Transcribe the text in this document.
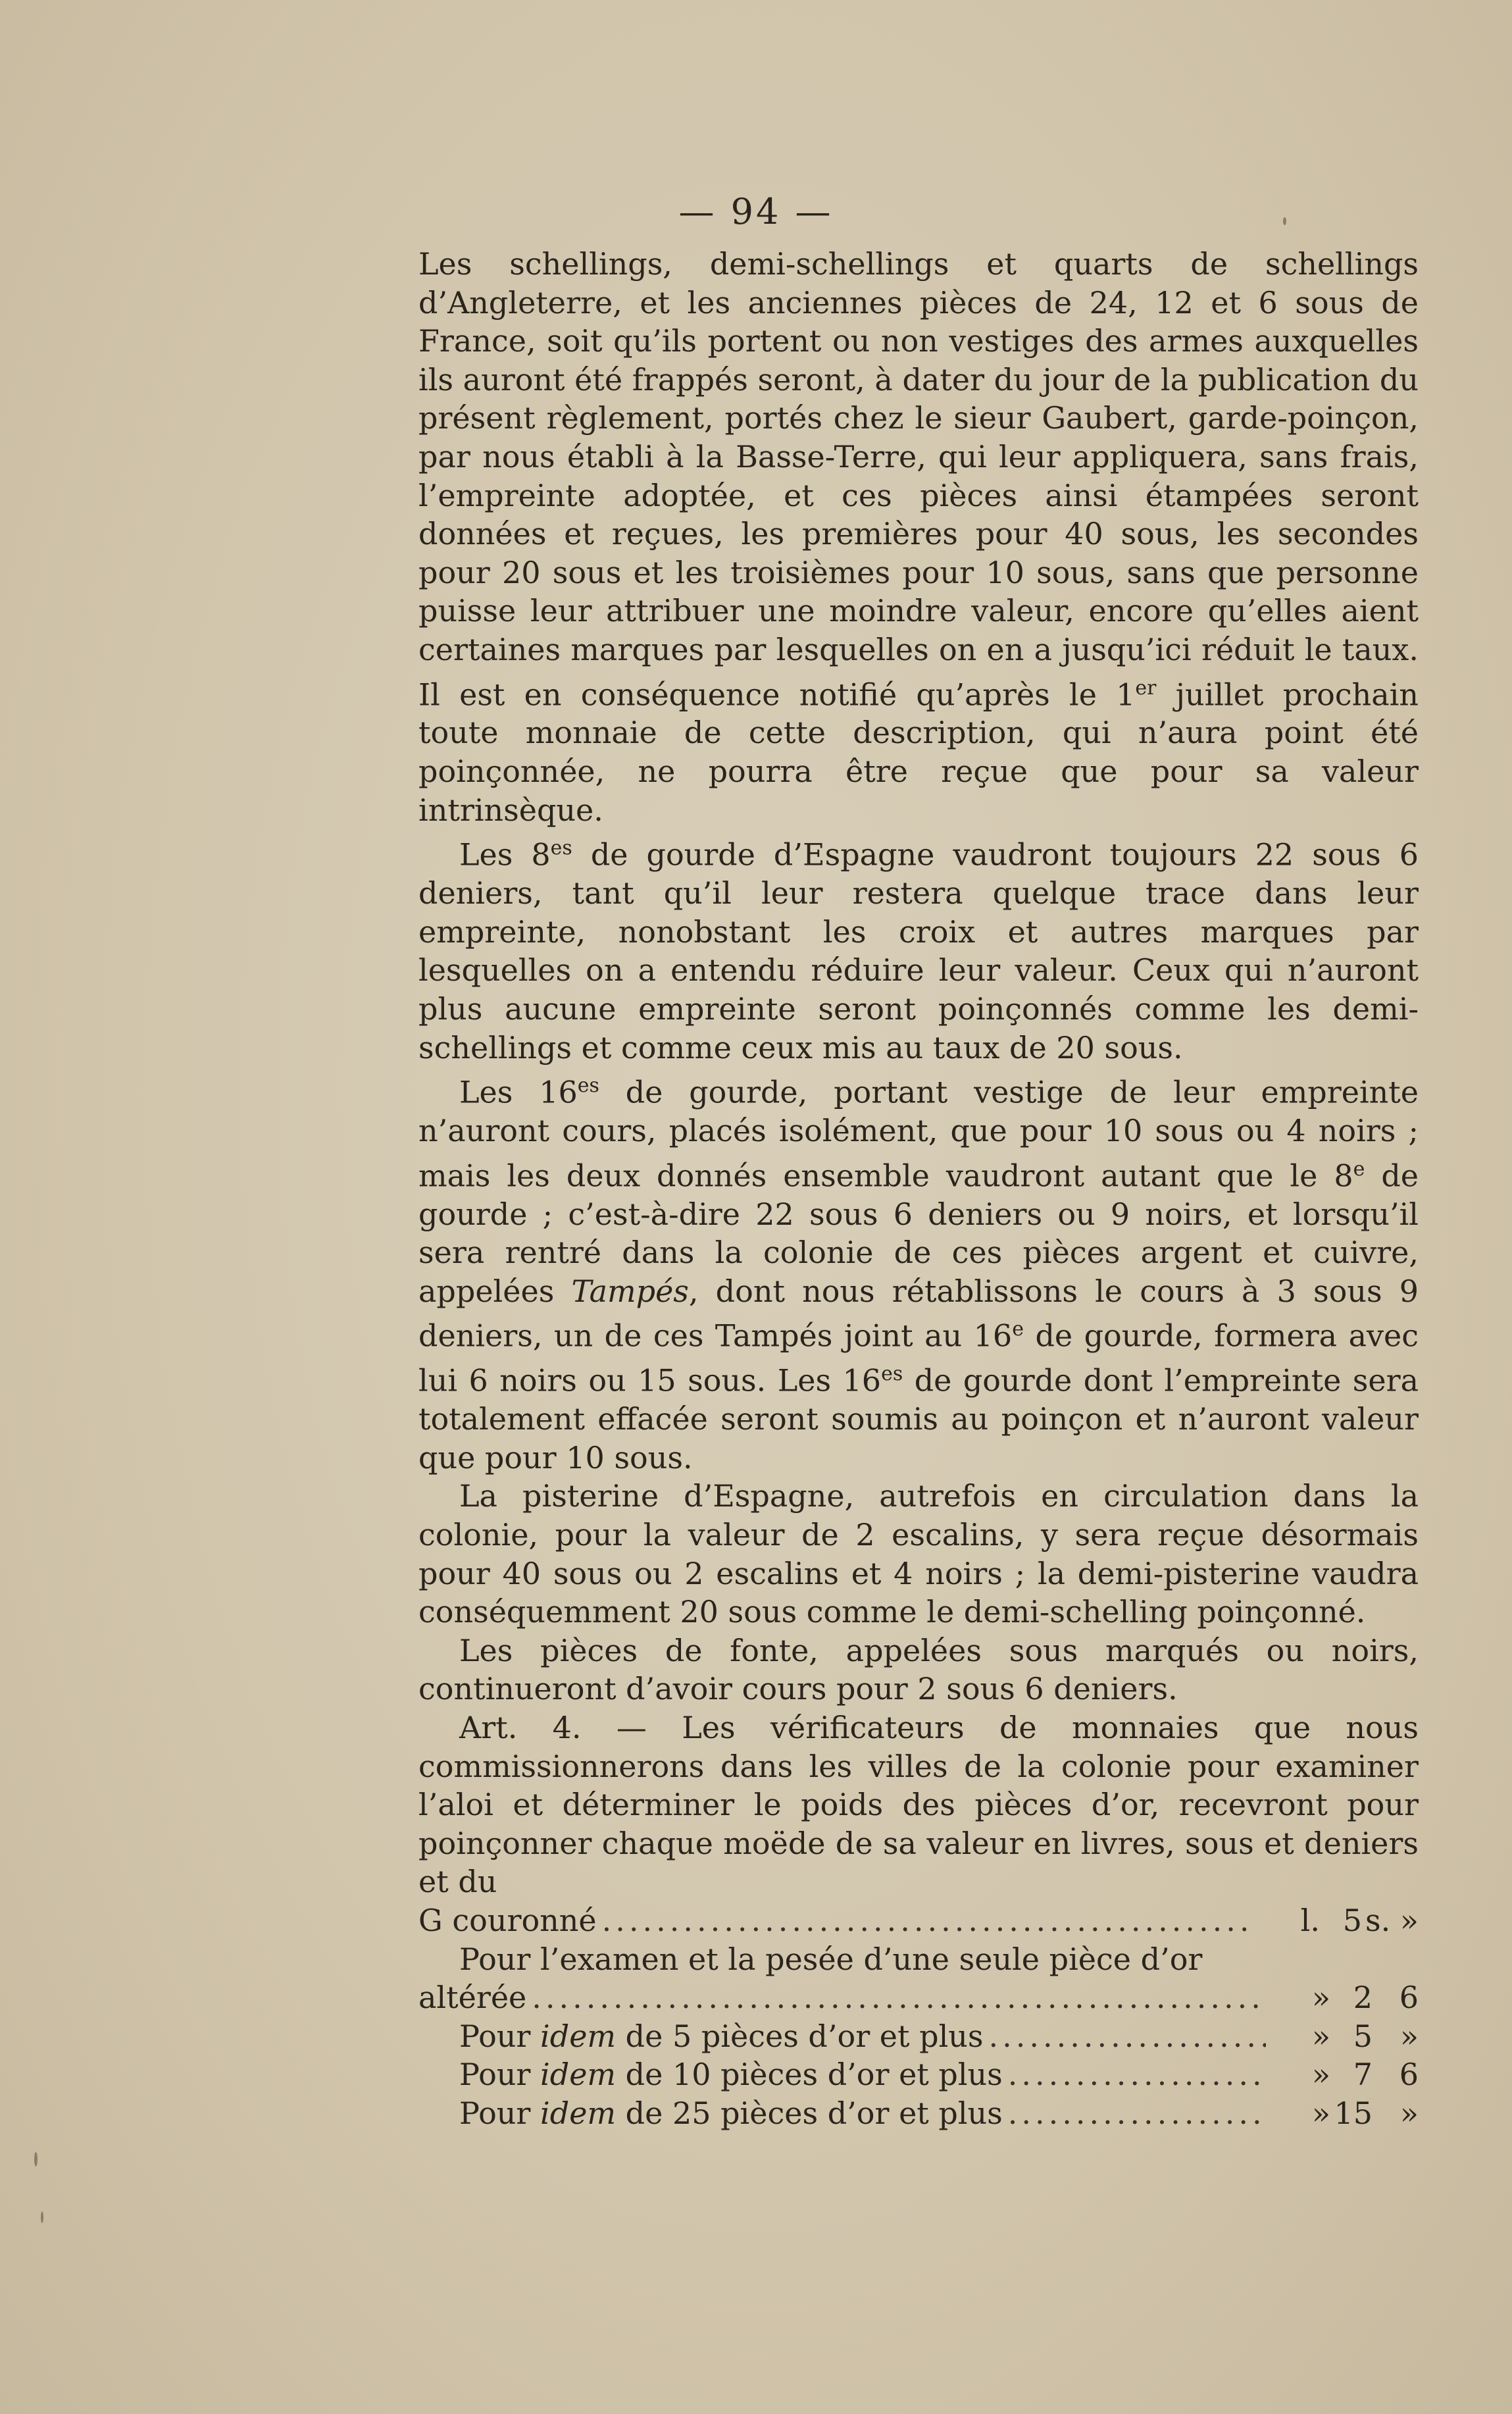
— 94 —

Les schellings, demi-schellings et quarts de schellings d’Angleterre, et les anciennes pièces de 24, 12 et 6 sous de France, soit qu’ils portent ou non vestiges des armes auxquelles ils auront été frappés seront, à dater du jour de la publication du présent règlement, portés chez le sieur Gaubert, garde-poinçon, par nous établi à la Basse-Terre, qui leur appliquera, sans frais, l’empreinte adoptée, et ces pièces ainsi étampées seront données et reçues, les premières pour 40 sous, les secondes pour 20 sous et les troisièmes pour 10 sous, sans que personne puisse leur attribuer une moindre valeur, encore qu’elles aient certaines marques par lesquelles on en a jusqu’ici réduit le taux. Il est en conséquence notifié qu’après le 1er juillet prochain toute monnaie de cette description, qui n’aura point été poinçonnée, ne pourra être reçue que pour sa valeur intrinsèque.

Les $8^{es}$ de gourde d’Espagne vaudront toujours 22 sous 6 deniers, tant qu’il leur restera quelque trace dans leur empreinte, nonobstant les croix et autres marques par lesquelles on a entendu réduire leur valeur. Ceux qui n’auront plus aucune empreinte seront poinçonnés comme les demi-schellings et comme ceux mis au taux de 20 sous.

Les $16^{es}$ de gourde, portant vestige de leur empreinte n’auront cours, placés isolément, que pour 10 sous ou 4 noirs ; mais les deux donnés ensemble vaudront autant que le 8e de gourde ; c’est-à-dire 22 sous 6 deniers ou 9 noirs, et lorsqu’il sera rentré dans la colonie de ces pièces argent et cuivre, appelées Tampés, dont nous rétablissons le cours à 3 sous 9 deniers, un de ces Tampés joint au 16e de gourde, formera avec lui 6 noirs ou 15 sous. Les $16^{es}$ de gourde dont l’empreinte sera totalement effacée seront soumis au poinçon et n’auront valeur que pour 10 sous.

La pisterine d’Espagne, autrefois en circulation dans la colonie, pour la valeur de 2 escalins, y sera reçue désormais pour 40 sous ou 2 escalins et 4 noirs ; la demi-pisterine vaudra conséquemment 20 sous comme le demi-schelling poinçonné.

Les pièces de fonte, appelées sous marqués ou noirs, continueront d’avoir cours pour 2 sous 6 deniers.

Art. 4. — Les vérificateurs de monnaies que nous commissionnerons dans les villes de la colonie pour examiner l’aloi et déterminer le poids des pièces d’or, recevront pour poinçonner chaque moëde de sa valeur en livres, sous et deniers et du

G couronné .....	l. 5 s. »
Pour l’examen et la pesée d’une seule pièce d’or
altérée .....	» 2 6
Pour idem de 5 pièces d’or et plus .....	» 5 »
Pour idem de 10 pièces d’or et plus .....	» 7 6
Pour idem de 25 pièces d’or et plus .....	» 15 »
